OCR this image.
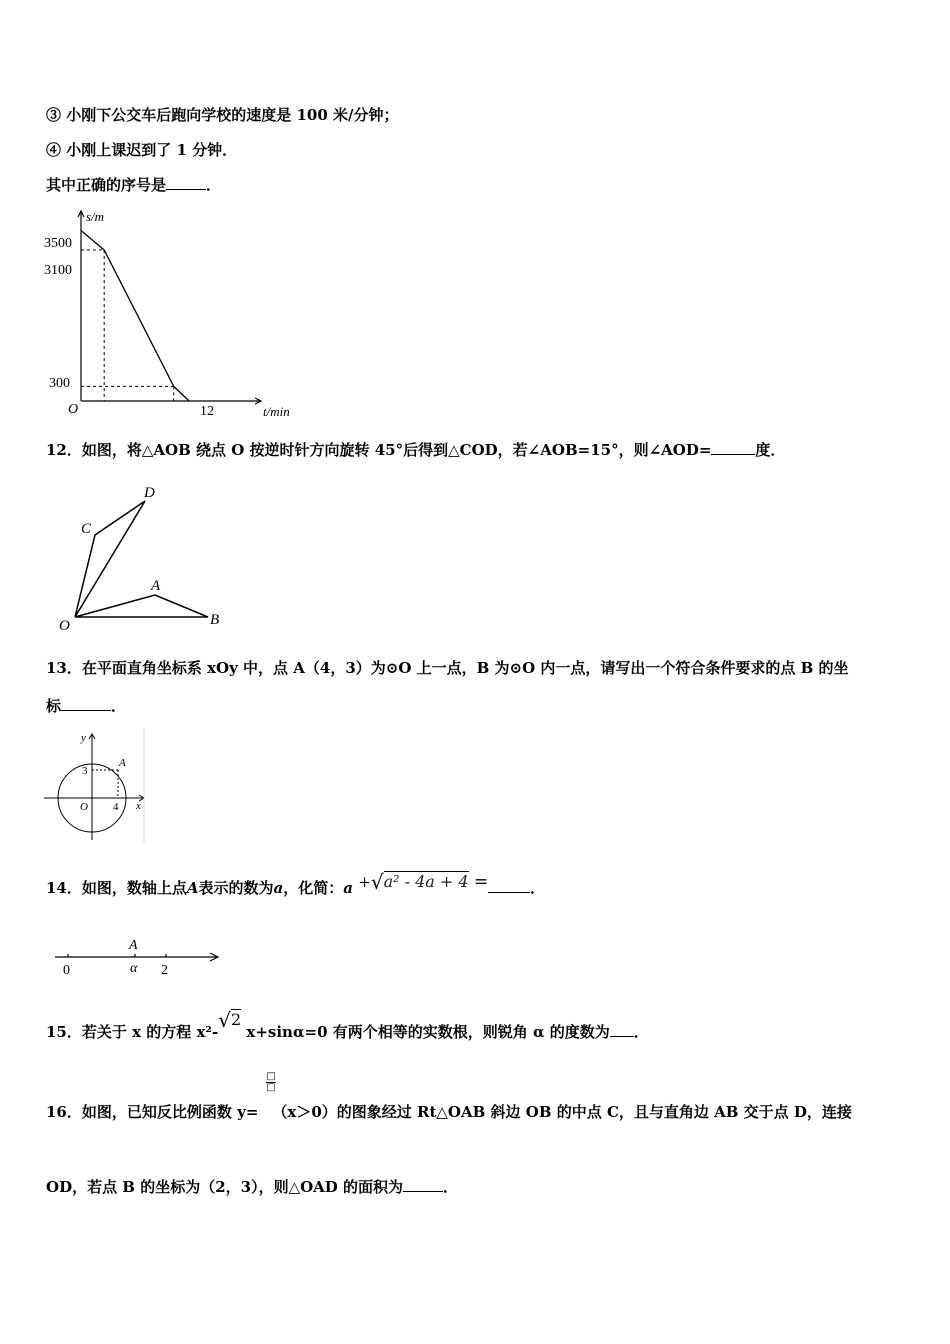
③ 小刚下公交车后跑向学校的速度是 100 米/分钟；
④ 小刚上课迟到了 1 分钟．
其中正确的序号是	．
s/m
t/min
O
3500
3100
300
12
12．如图，将△AOB 绕点 O 按逆时针方向旋转 45°后得到△COD，若∠AOB=15°，则∠AOD=	度．
C
D
A
O	B
13．在平面直角坐标系 xOy 中，点 A（4，3）为⊙O 上一点，B 为⊙O 内一点，请写出一个符合条件要求的点 B 的坐
标	．
y
x
O
A
3
4
14．如图，数轴上点A表示的数为a，化简：a +√a² - 4a + 4 =	．
0	2
A
α
15．若关于 x 的方程 x²-√2 x+sinα=0 有两个相等的实数根，则锐角 α 的度数为 ．
□
□
16．如图，已知反比例函数 y= （x＞0）的图象经过 Rt△OAB 斜边 OB 的中点 C，且与直角边 AB 交于点 D，连接
OD，若点 B 的坐标为（2，3），则△OAD 的面积为	．
